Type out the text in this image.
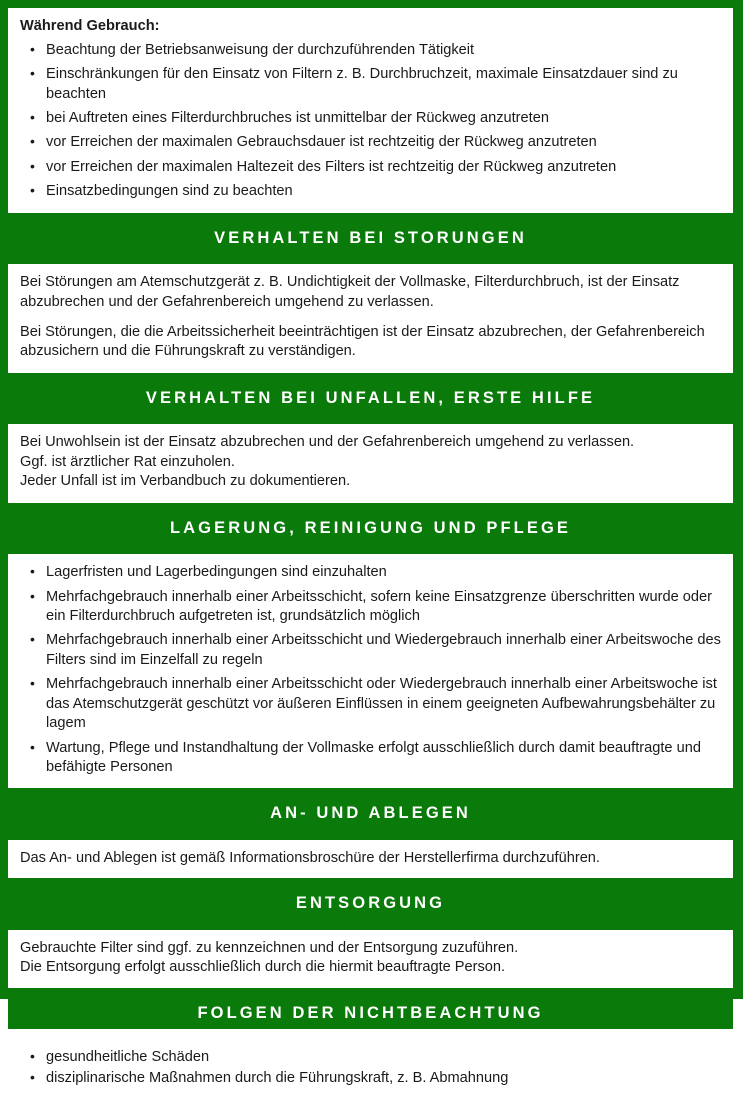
Während Gebrauch:
• Beachtung der Betriebsanweisung der durchzuführenden Tätigkeit
• Einschränkungen für den Einsatz von Filtern z. B. Durchbruchzeit, maximale Einsatzdauer sind zu beachten
• bei Auftreten eines Filterdurchbruches ist unmittelbar der Rückweg anzutreten
• vor Erreichen der maximalen Gebrauchsdauer ist rechtzeitig der Rückweg anzutreten
• vor Erreichen der maximalen Haltezeit des Filters ist rechtzeitig der Rückweg anzutreten
• Einsatzbedingungen sind zu beachten
VERHALTEN BEI STORUNGEN

Bei Störungen am Atemschutzgerät z. B. Undichtigkeit der Vollmaske, Filterdurchbruch, ist der Einsatz abzubrechen und der Gefahrenbereich umgehend zu verlassen.

Bei Störungen, die die Arbeitssicherheit beeinträchtigen ist der Einsatz abzubrechen, der Gefahrenbereich abzusichern und die Führungskraft zu verständigen.

VERHALTEN BEI UNFALLEN, ERSTE HILFE

Bei Unwohlsein ist der Einsatz abzubrechen und der Gefahrenbereich umgehend zu verlassen.
Ggf. ist ärztlicher Rat einzuholen.
Jeder Unfall ist im Verbandbuch zu dokumentieren.

LAGERUNG, REINIGUNG UND PFLEGE
• Lagerfristen und Lagerbedingungen sind einzuhalten
• Mehrfachgebrauch innerhalb einer Arbeitsschicht, sofern keine Einsatzgrenze überschritten wurde oder ein Filterdurchbruch aufgetreten ist, grundsätzlich möglich
• Mehrfachgebrauch innerhalb einer Arbeitsschicht und Wiedergebrauch innerhalb einer Arbeitswoche des Filters sind im Einzelfall zu regeln
• Mehrfachgebrauch innerhalb einer Arbeitsschicht oder Wiedergebrauch innerhalb einer Arbeitswoche ist das Atemschutzgerät geschützt vor äußeren Einflüssen in einem geeigneten Aufbewahrungsbehälter zu lagem
• Wartung, Pflege und Instandhaltung der Vollmaske erfolgt ausschließlich durch damit beauftragte und befähigte Personen
AN- UND ABLEGEN

Das An- und Ablegen ist gemäß Informationsbroschüre der Herstellerfirma durchzuführen.

ENTSORGUNG

Gebrauchte Filter sind ggf. zu kennzeichnen und der Entsorgung zuzuführen.
Die Entsorgung erfolgt ausschließlich durch die hiermit beauftragte Person.

FOLGEN DER NICHTBEACHTUNG
• gesundheitliche Schäden
• disziplinarische Maßnahmen durch die Führungskraft, z. B. Abmahnung
